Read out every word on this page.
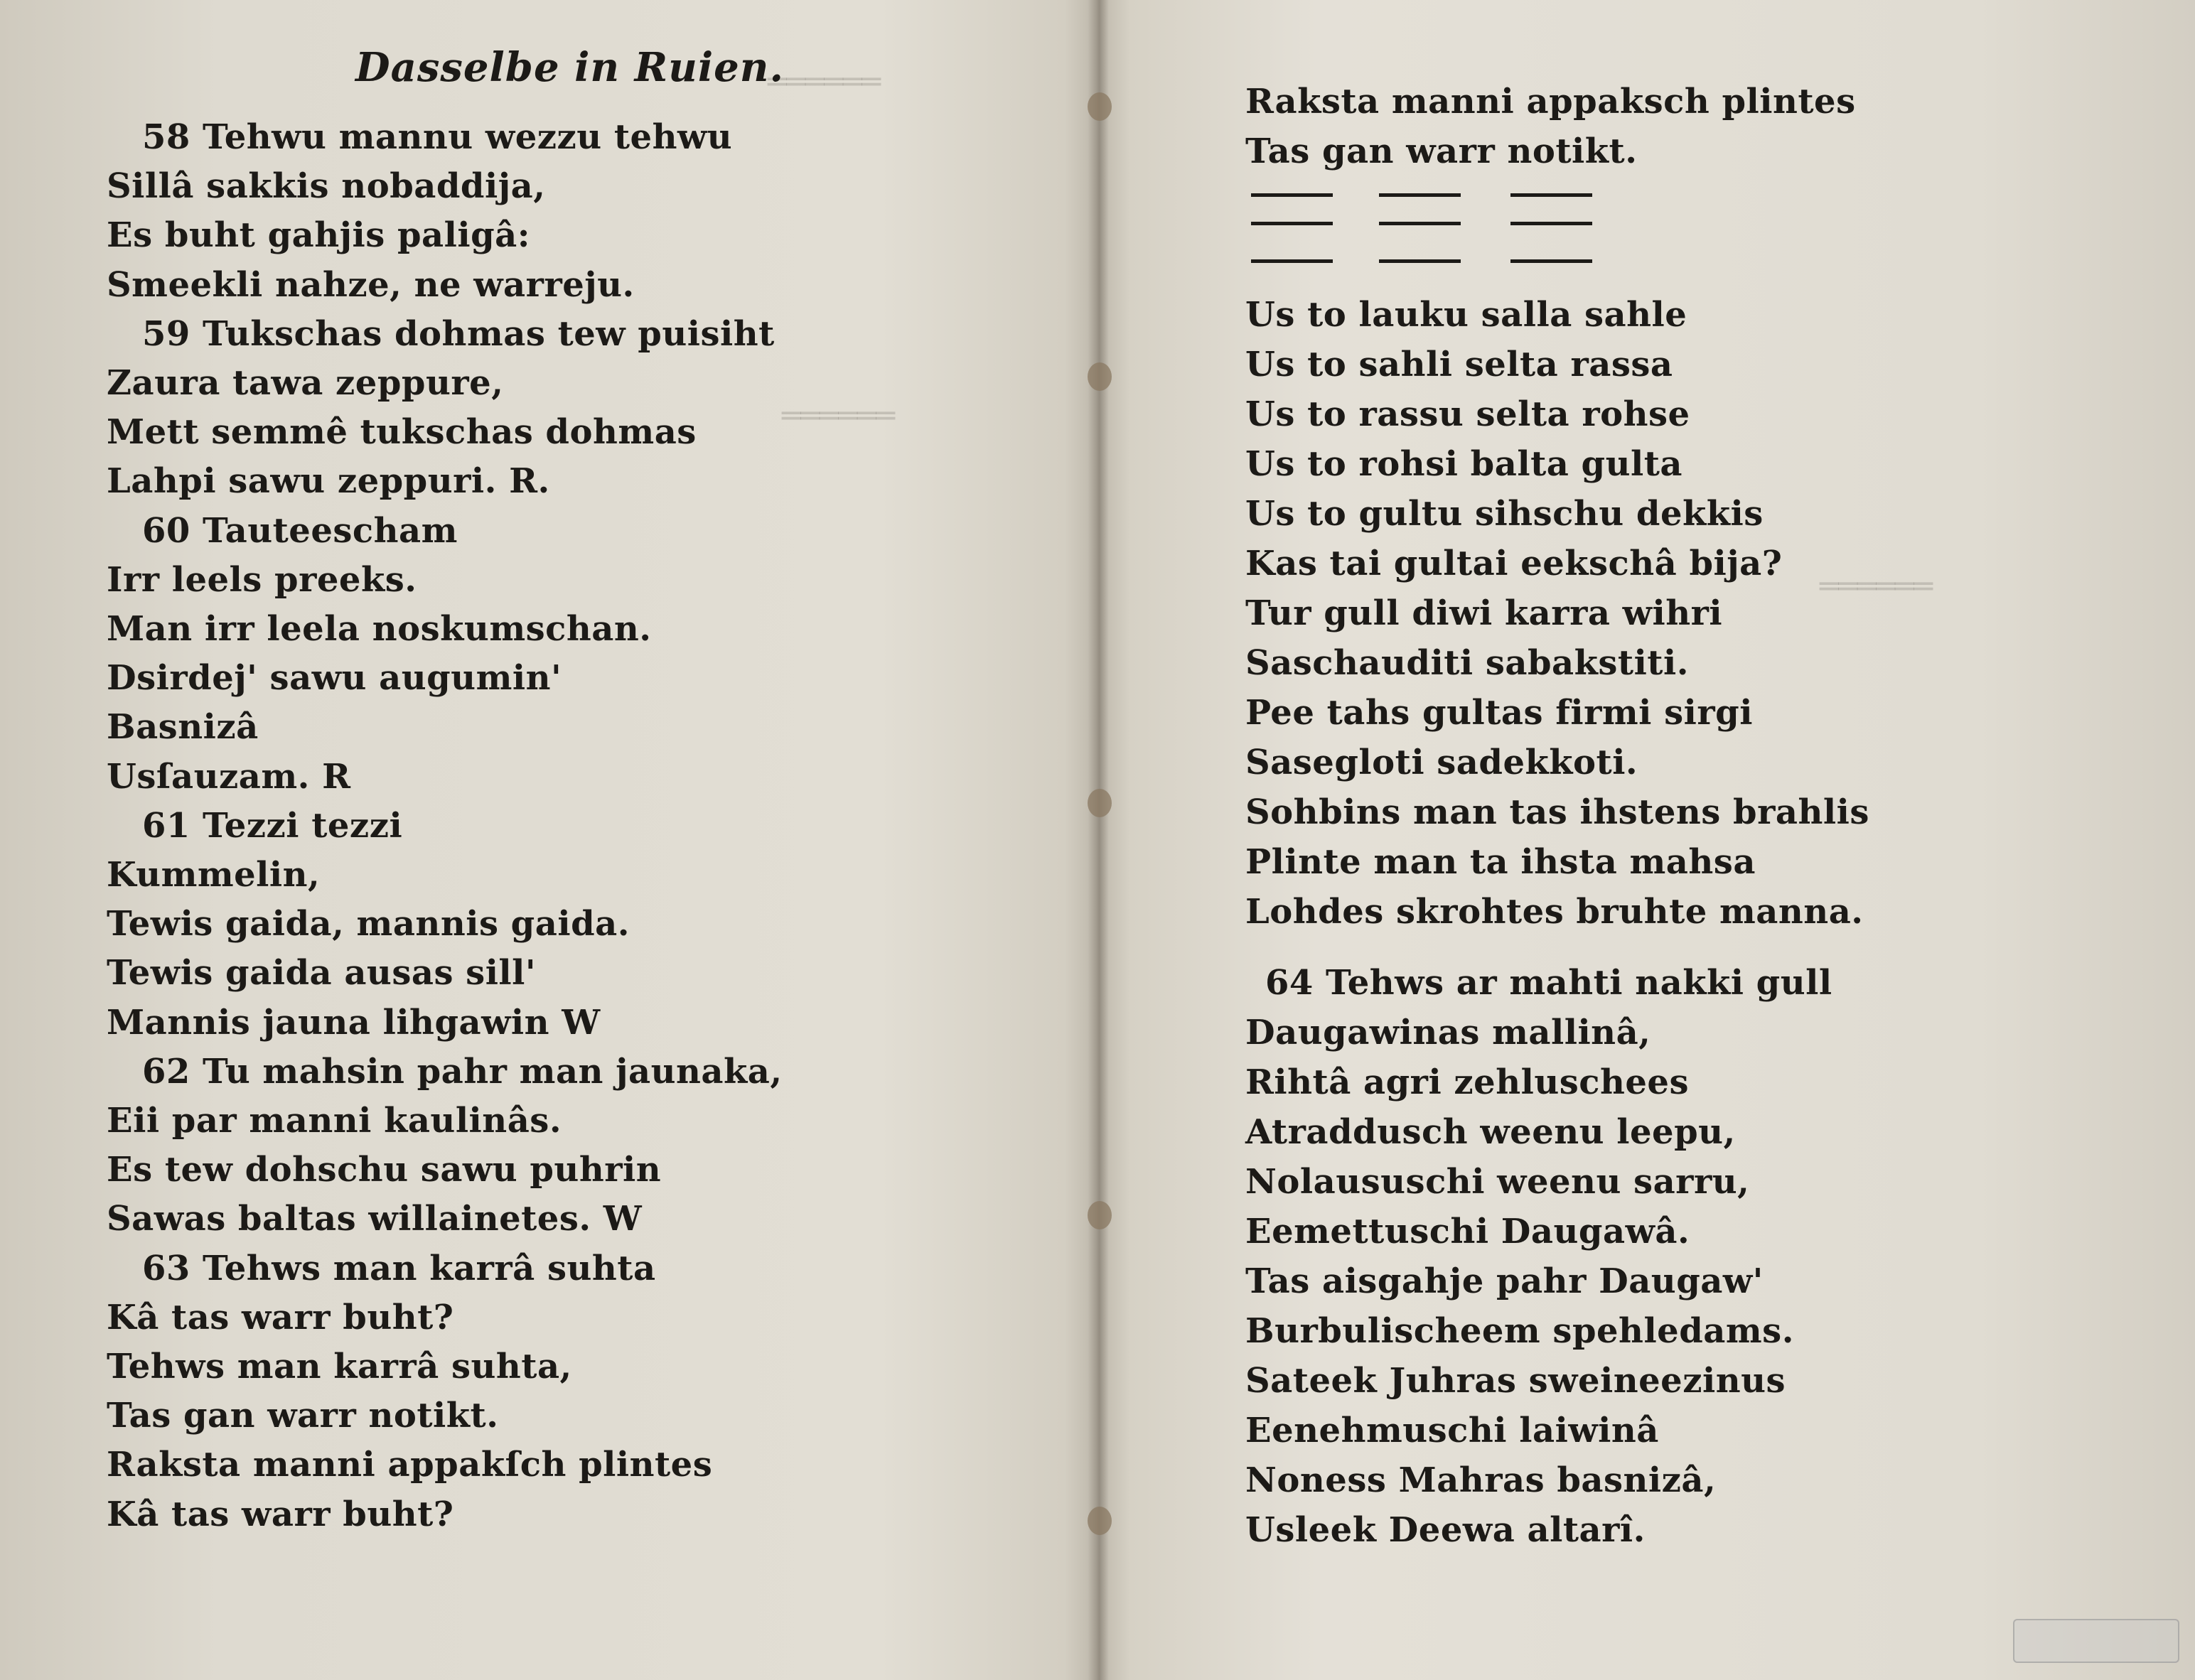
══════
══════
══════
Dasselbe in Ruien.
58 Tehwu mannu wezzu tehwu
Sillâ sakkis nobaddija,
Es buht gahjis paligâ:
Smeekli nahze, ne warreju.
59 Tukschas dohmas tew puisiht
Zaura tawa zeppure,
Mett semmê tukschas dohmas
Lahpi sawu zeppuri. R.
60 Tauteescham
Irr leels preeks.
Man irr leela noskumschan.
Dsirdej' sawu augumin'
Basnizâ
Usſauzam. R
61 Tezzi tezzi
Kummelin,
Tewis gaida, mannis gaida.
Tewis gaida ausas sill'
Mannis jauna lihgawin W
62 Tu mahsin pahr man jaunaka,
Eii par manni kaulinâs.
Es tew dohschu sawu puhrin
Sawas baltas willainetes. W
63 Tehws man karrâ suhta
Kâ tas warr buht?
Tehws man karrâ suhta,
Tas gan warr notikt.
Raksta manni appakſch plintes
Kâ tas warr buht?
Raksta manni appaksch plintes
Tas gan warr notikt.
Us to lauku salla sahle
Us to sahli selta rassa
Us to rassu selta rohse
Us to rohsi balta gulta
Us to gultu sihschu dekkis
Kas tai gultai eekschâ bija?
Tur gull diwi karra wihri
Saschauditi sabakstiti.
Pee tahs gultas firmi sirgi
Sasegloti sadekkoti.
Sohbins man tas ihstens brahlis
Plinte man ta ihsta mahsa
Lohdes skrohtes bruhte manna.
64 Tehws ar mahti nakki gull
Daugawinas mallinâ,
Rihtâ agri zehluschees
Atraddusch weenu leepu,
Nolaususchi weenu sarru,
Eemettuschi Daugawâ.
Tas aisgahje pahr Daugaw'
Burbulischeem spehledams.
Sateek Juhras sweineezinus
Eenehmuschi laiwinâ
Noness Mahras basnizâ,
Usleek Deewa altarî.
